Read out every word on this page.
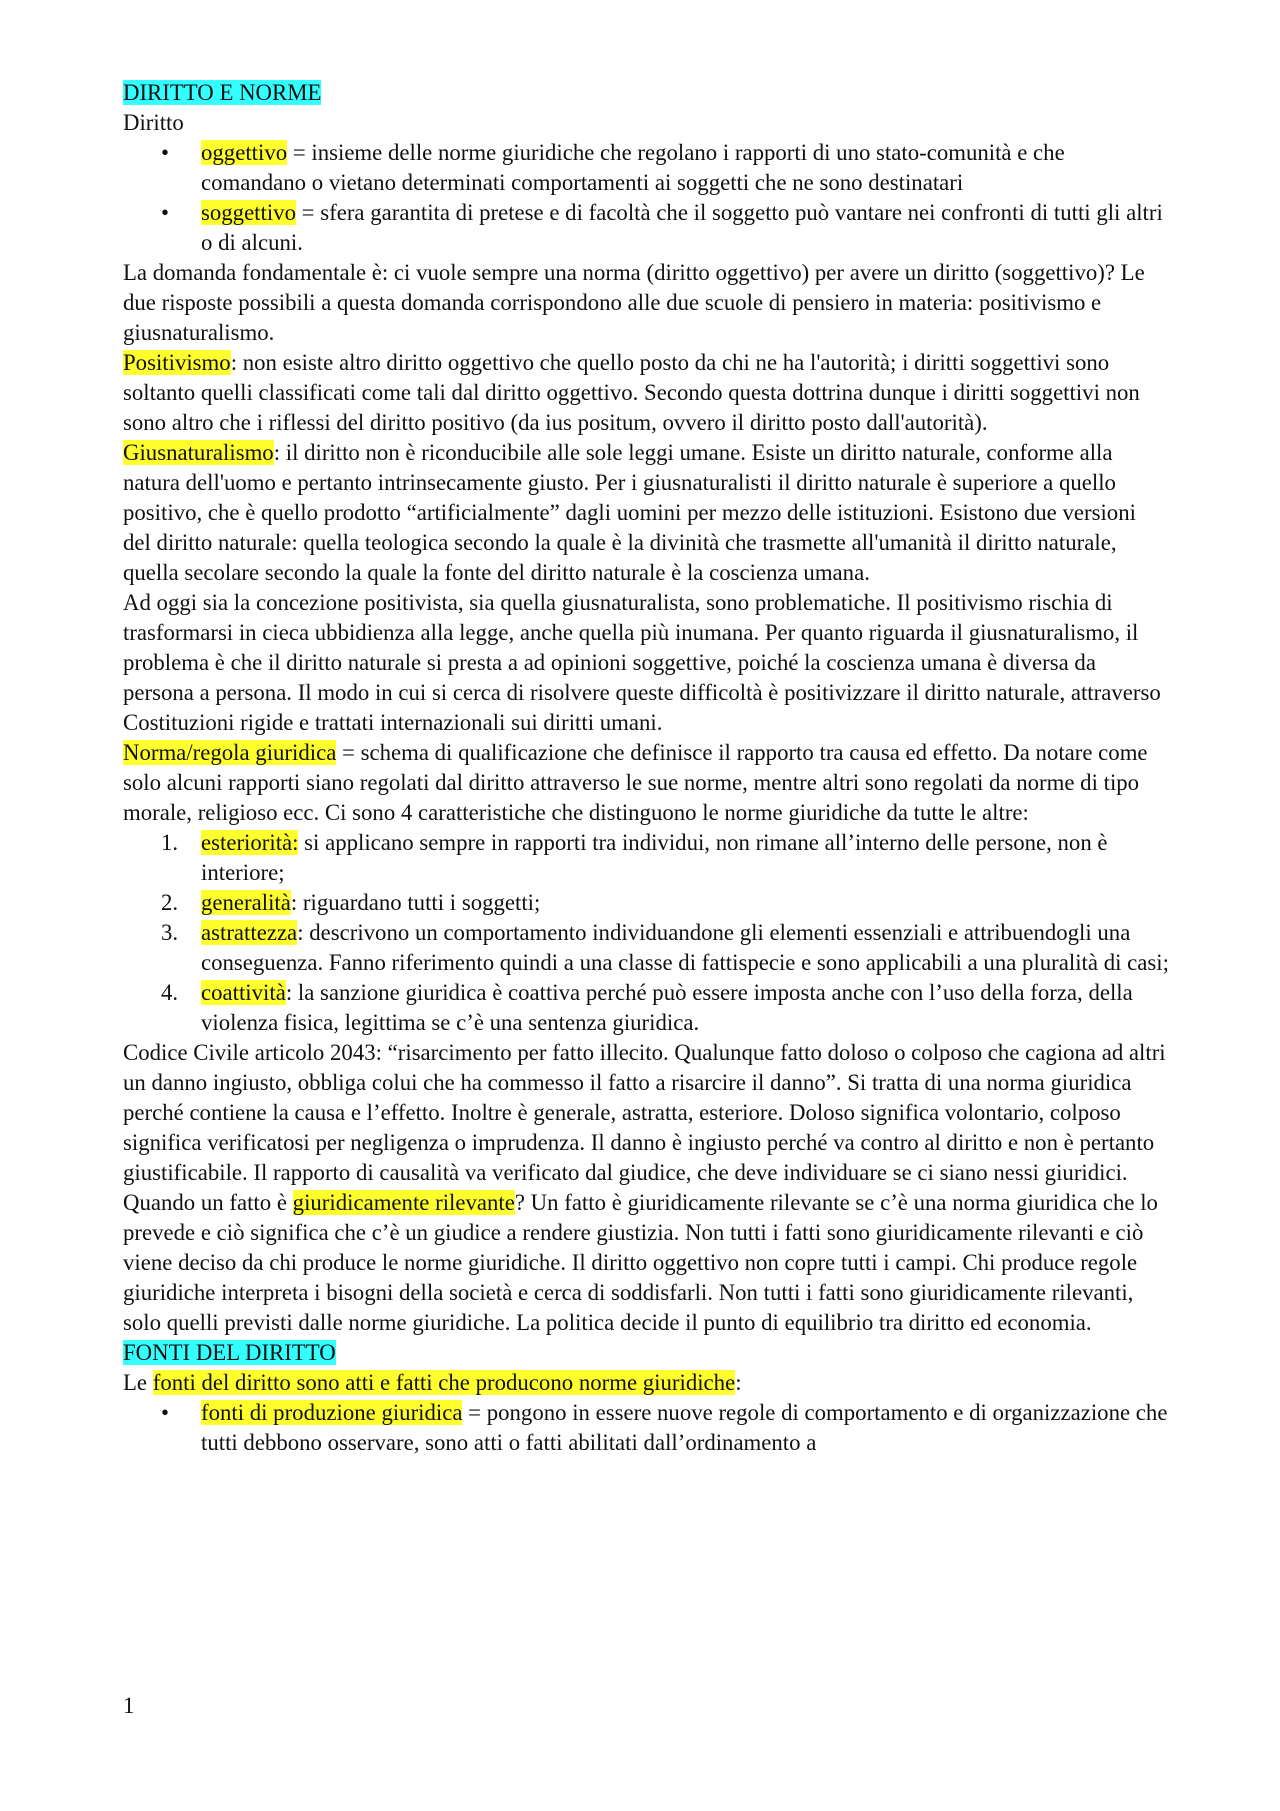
DIRITTO E NORME

Diritto

•	oggettivo = insieme delle norme giuridiche che regolano i rapporti di uno stato-comunità e che comandano o vietano determinati comportamenti ai soggetti che ne sono destinatari
•	soggettivo = sfera garantita di pretese e di facoltà che il soggetto può vantare nei confronti di tutti gli altri o di alcuni.

La domanda fondamentale è: ci vuole sempre una norma (diritto oggettivo) per avere un diritto (soggettivo)? Le due risposte possibili a questa domanda corrispondono alle due scuole di pensiero in materia: positivismo e giusnaturalismo.

Positivismo: non esiste altro diritto oggettivo che quello posto da chi ne ha l'autorità; i diritti soggettivi sono soltanto quelli classificati come tali dal diritto oggettivo. Secondo questa dottrina dunque i diritti soggettivi non sono altro che i riflessi del diritto positivo (da ius positum, ovvero il diritto posto dall'autorità).

Giusnaturalismo: il diritto non è riconducibile alle sole leggi umane. Esiste un diritto naturale, conforme alla natura dell'uomo e pertanto intrinsecamente giusto. Per i giusnaturalisti il diritto naturale è superiore a quello positivo, che è quello prodotto “artificialmente” dagli uomini per mezzo delle istituzioni. Esistono due versioni del diritto naturale: quella teologica secondo la quale è la divinità che trasmette all'umanità il diritto naturale, quella secolare secondo la quale la fonte del diritto naturale è la coscienza umana.

Ad oggi sia la concezione positivista, sia quella giusnaturalista, sono problematiche. Il positivismo rischia di trasformarsi in cieca ubbidienza alla legge, anche quella più inumana. Per quanto riguarda il giusnaturalismo, il problema è che il diritto naturale si presta a ad opinioni soggettive, poiché la coscienza umana è diversa da persona a persona. Il modo in cui si cerca di risolvere queste difficoltà è positivizzare il diritto naturale, attraverso Costituzioni rigide e trattati internazionali sui diritti umani.

Norma/regola giuridica = schema di qualificazione che definisce il rapporto tra causa ed effetto. Da notare come solo alcuni rapporti siano regolati dal diritto attraverso le sue norme, mentre altri sono regolati da norme di tipo morale, religioso ecc. Ci sono 4 caratteristiche che distinguono le norme giuridiche da tutte le altre:

1.	esteriorità: si applicano sempre in rapporti tra individui, non rimane all’interno delle persone, non è interiore;
2.	generalità: riguardano tutti i soggetti;
3.	astrattezza: descrivono un comportamento individuandone gli elementi essenziali e attribuendogli una conseguenza. Fanno riferimento quindi a una classe di fattispecie e sono applicabili a una pluralità di casi;
4.	coattività: la sanzione giuridica è coattiva perché può essere imposta anche con l’uso della forza, della violenza fisica, legittima se c’è una sentenza giuridica.

Codice Civile articolo 2043: “risarcimento per fatto illecito. Qualunque fatto doloso o colposo che cagiona ad altri un danno ingiusto, obbliga colui che ha commesso il fatto a risarcire il danno”. Si tratta di una norma giuridica perché contiene la causa e l’effetto. Inoltre è generale, astratta, esteriore. Doloso significa volontario, colposo significa verificatosi per negligenza o imprudenza. Il danno è ingiusto perché va contro al diritto e non è pertanto giustificabile. Il rapporto di causalità va verificato dal giudice, che deve individuare se ci siano nessi giuridici.

Quando un fatto è giuridicamente rilevante? Un fatto è giuridicamente rilevante se c’è una norma giuridica che lo prevede e ciò significa che c’è un giudice a rendere giustizia. Non tutti i fatti sono giuridicamente rilevanti e ciò viene deciso da chi produce le norme giuridiche. Il diritto oggettivo non copre tutti i campi. Chi produce regole giuridiche interpreta i bisogni della società e cerca di soddisfarli. Non tutti i fatti sono giuridicamente rilevanti, solo quelli previsti dalle norme giuridiche. La politica decide il punto di equilibrio tra diritto ed economia.

FONTI DEL DIRITTO

Le fonti del diritto sono atti e fatti che producono norme giuridiche:

•	fonti di produzione giuridica = pongono in essere nuove regole di comportamento e di organizzazione che tutti debbono osservare, sono atti o fatti abilitati dall’ordinamento a
1
